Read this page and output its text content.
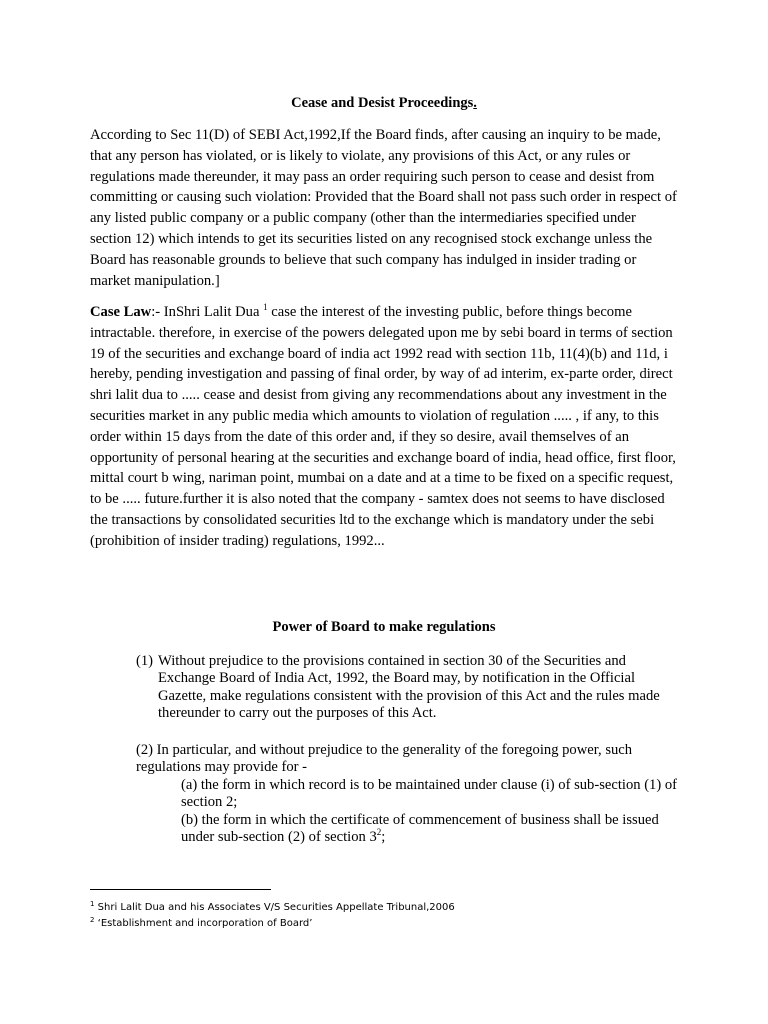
Cease and Desist Proceedings.

According to Sec 11(D) of SEBI Act,1992,If the Board finds, after causing an inquiry to be made, that any person has violated, or is likely to violate, any provisions of this Act, or any rules or regulations made thereunder, it may pass an order requiring such person to cease and desist from committing or causing such violation: Provided that the Board shall not pass such order in respect of any listed public company or a public company (other than the intermediaries specified under section 12) which intends to get its securities listed on any recognised stock exchange unless the Board has reasonable grounds to believe that such company has indulged in insider trading or market manipulation.]

Case Law:- InShri Lalit Dua $^1$ case the interest of the investing public, before things become intractable. therefore, in exercise of the powers delegated upon me by sebi board in terms of section 19 of the securities and exchange board of india act 1992 read with section 11b, 11(4)(b) and 11d, i hereby, pending investigation and passing of final order, by way of ad interim, ex-parte order, direct shri lalit dua to ..... cease and desist from giving any recommendations about any investment in the securities market in any public media which amounts to violation of regulation ..... , if any, to this order within 15 days from the date of this order and, if they so desire, avail themselves of an opportunity of personal hearing at the securities and exchange board of india, head office, first floor, mittal court b wing, nariman point, mumbai on a date and at a time to be fixed on a specific request, to be ..... future.further it is also noted that the company - samtex does not seems to have disclosed the transactions by consolidated securities ltd to the exchange which is mandatory under the sebi (prohibition of insider trading) regulations, 1992...

Power of Board to make regulations
(1) Without prejudice to the provisions contained in section 30 of the Securities and Exchange Board of India Act, 1992, the Board may, by notification in the Official Gazette, make regulations consistent with the provision of this Act and the rules made thereunder to carry out the purposes of this Act.

(2) In particular, and without prejudice to the generality of the foregoing power, such regulations may provide for -

(a) the form in which record is to be maintained under clause (i) of sub-section (1) of section 2;

(b) the form in which the certificate of commencement of business shall be issued under sub-section (2) of section $3^2$;

$^1$ Shri Lalit Dua and his Associates V/S Securities Appellate Tribunal,2006
$^2$ ‘Establishment and incorporation of Board’
